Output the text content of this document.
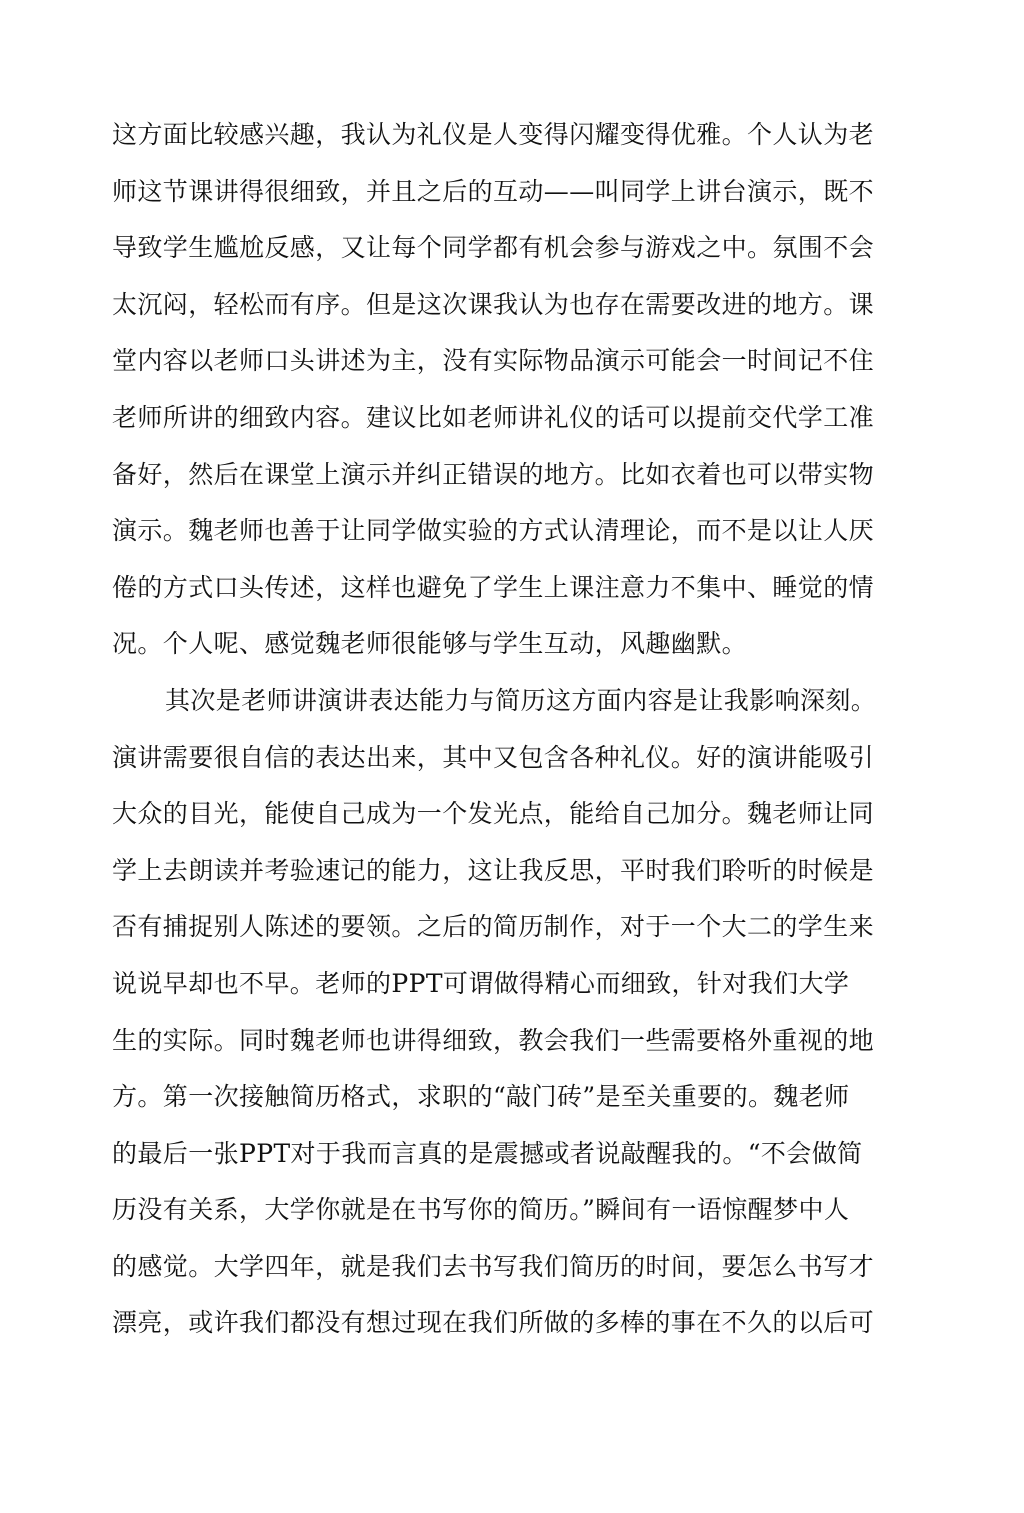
这方面比较感兴趣，我认为礼仪是人变得闪耀变得优雅。个人认为老
师这节课讲得很细致，并且之后的互动——叫同学上讲台演示，既不
导致学生尴尬反感，又让每个同学都有机会参与游戏之中。氛围不会
太沉闷，轻松而有序。但是这次课我认为也存在需要改进的地方。课
堂内容以老师口头讲述为主，没有实际物品演示可能会一时间记不住
老师所讲的细致内容。建议比如老师讲礼仪的话可以提前交代学工准
备好，然后在课堂上演示并纠正错误的地方。比如衣着也可以带实物
演示。魏老师也善于让同学做实验的方式认清理论，而不是以让人厌
倦的方式口头传述，这样也避免了学生上课注意力不集中、睡觉的情
况。个人呢、感觉魏老师很能够与学生互动，风趣幽默。
其次是老师讲演讲表达能力与简历这方面内容是让我影响深刻。
演讲需要很自信的表达出来，其中又包含各种礼仪。好的演讲能吸引
大众的目光，能使自己成为一个发光点，能给自己加分。魏老师让同
学上去朗读并考验速记的能力，这让我反思，平时我们聆听的时候是
否有捕捉别人陈述的要领。之后的简历制作，对于一个大二的学生来
说说早却也不早。老师的PPT可谓做得精心而细致，针对我们大学
生的实际。同时魏老师也讲得细致，教会我们一些需要格外重视的地
方。第一次接触简历格式，求职的“敲门砖”是至关重要的。魏老师
的最后一张PPT对于我而言真的是震撼或者说敲醒我的。“不会做简
历没有关系，大学你就是在书写你的简历。”瞬间有一语惊醒梦中人
的感觉。大学四年，就是我们去书写我们简历的时间，要怎么书写才
漂亮，或许我们都没有想过现在我们所做的多棒的事在不久的以后可
